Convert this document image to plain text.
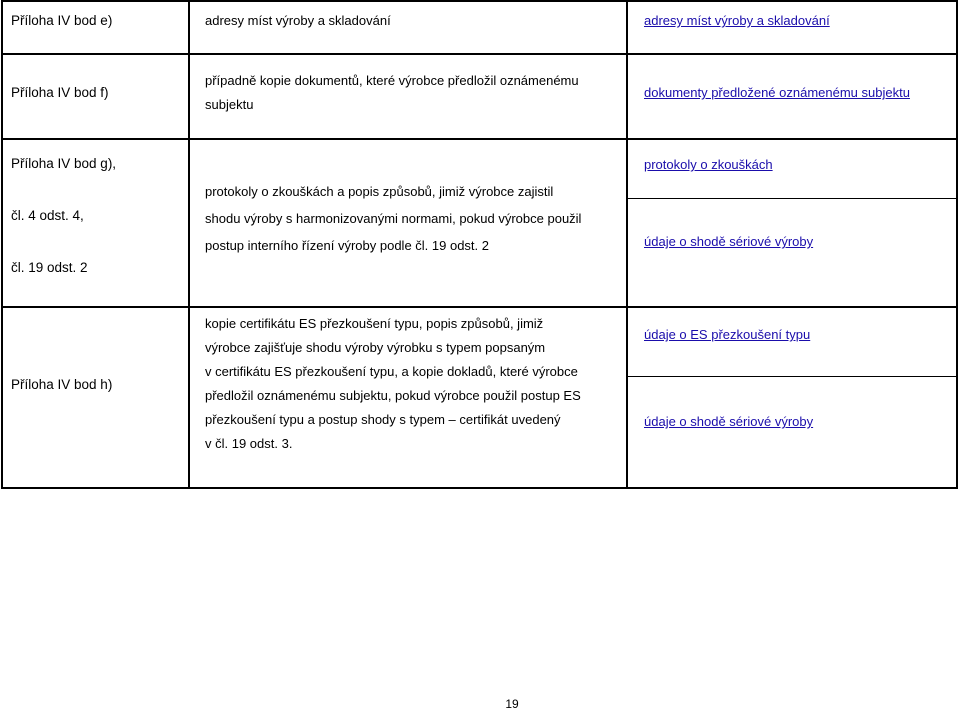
Příloha IV bod e)	adresy míst výroby a skladování	adresy míst výroby a skladování
Příloha IV bod f)
případně kopie dokumentů, které výrobce předložil oznámenému
subjektu
dokumenty předložené oznámenému subjektu
Příloha IV bod g),
čl. 4 odst. 4,
čl. 19 odst. 2
protokoly o zkouškách a popis způsobů, jimiž výrobce zajistil
shodu výroby s harmonizovanými normami, pokud výrobce použil
postup interního řízení výroby podle čl. 19 odst. 2
protokoly o zkouškách
údaje o shodě sériové výroby
Příloha IV bod h)
kopie certifikátu ES přezkoušení typu, popis způsobů, jimiž
výrobce zajišťuje shodu výroby výrobku s typem popsaným
v certifikátu ES přezkoušení typu, a kopie dokladů, které výrobce
předložil oznámenému subjektu, pokud výrobce použil postup ES
přezkoušení typu a postup shody s typem – certifikát uvedený
v čl. 19 odst. 3.
údaje o ES přezkoušení typu
údaje o shodě sériové výroby
19
